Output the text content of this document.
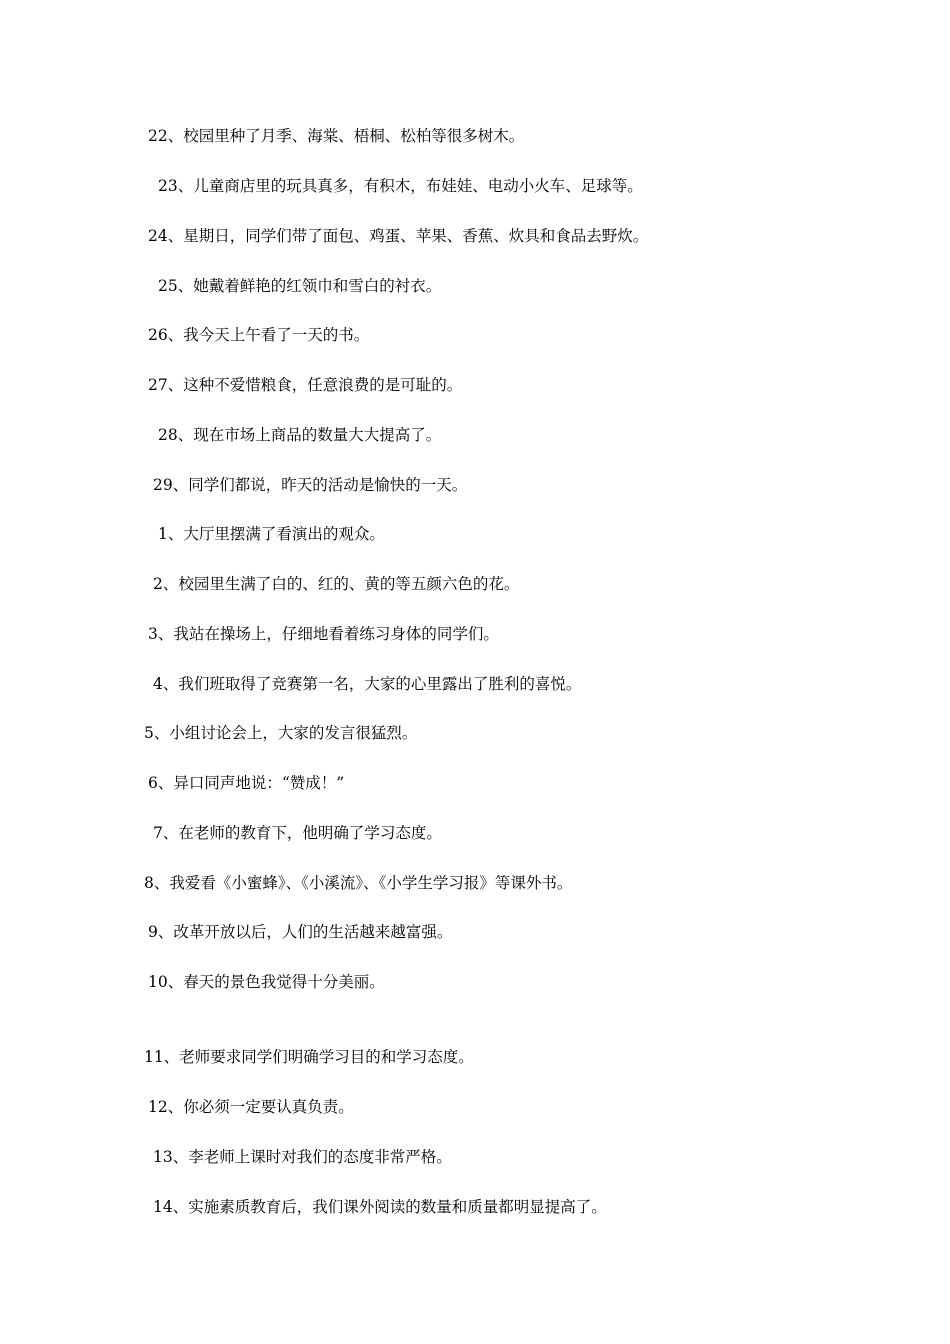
22、校园里种了月季、海棠、梧桐、松柏等很多树木。
23、儿童商店里的玩具真多，有积木，布娃娃、电动小火车、足球等。
24、星期日，同学们带了面包、鸡蛋、苹果、香蕉、炊具和食品去野炊。
25、她戴着鲜艳的红领巾和雪白的衬衣。
26、我今天上午看了一天的书。
27、这种不爱惜粮食，任意浪费的是可耻的。
28、现在市场上商品的数量大大提高了。
29、同学们都说，昨天的活动是愉快的一天。
1、大厅里摆满了看演出的观众。
2、校园里生满了白的、红的、黄的等五颜六色的花。
3、我站在操场上，仔细地看着练习身体的同学们。
4、我们班取得了竞赛第一名，大家的心里露出了胜利的喜悦。
5、小组讨论会上，大家的发言很猛烈。
6、异口同声地说：“赞成！”
7、在老师的教育下，他明确了学习态度。
8、我爱看《小蜜蜂》、《小溪流》、《小学生学习报》等课外书。
9、改革开放以后，人们的生活越来越富强。
10、春天的景色我觉得十分美丽。
11、老师要求同学们明确学习目的和学习态度。
12、你必须一定要认真负责。
13、李老师上课时对我们的态度非常严格。
14、实施素质教育后，我们课外阅读的数量和质量都明显提高了。
